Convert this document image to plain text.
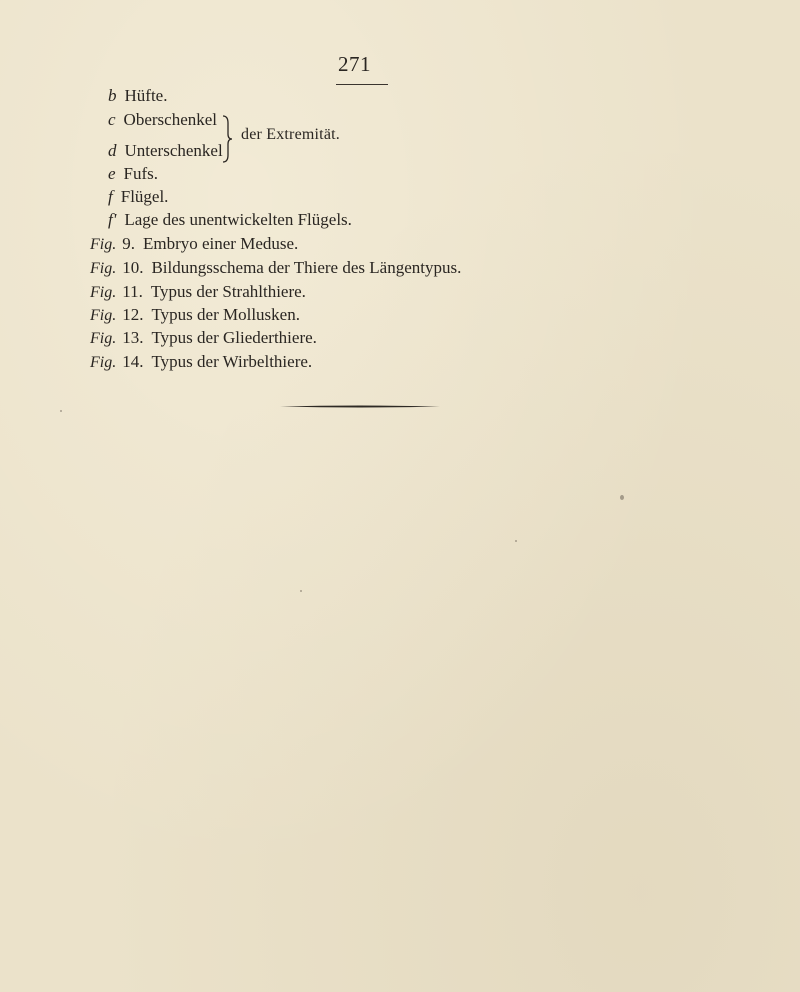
271
b Hüfte.
c Oberschenkel
d Unterschenkel
der Extremität.
e Fufs.
f Flügel.
f' Lage des unentwickelten Flügels.
Fig. 9. Embryo einer Meduse.
Fig. 10. Bildungsschema der Thiere des Längentypus.
Fig. 11. Typus der Strahlthiere.
Fig. 12. Typus der Mollusken.
Fig. 13. Typus der Gliederthiere.
Fig. 14. Typus der Wirbelthiere.
